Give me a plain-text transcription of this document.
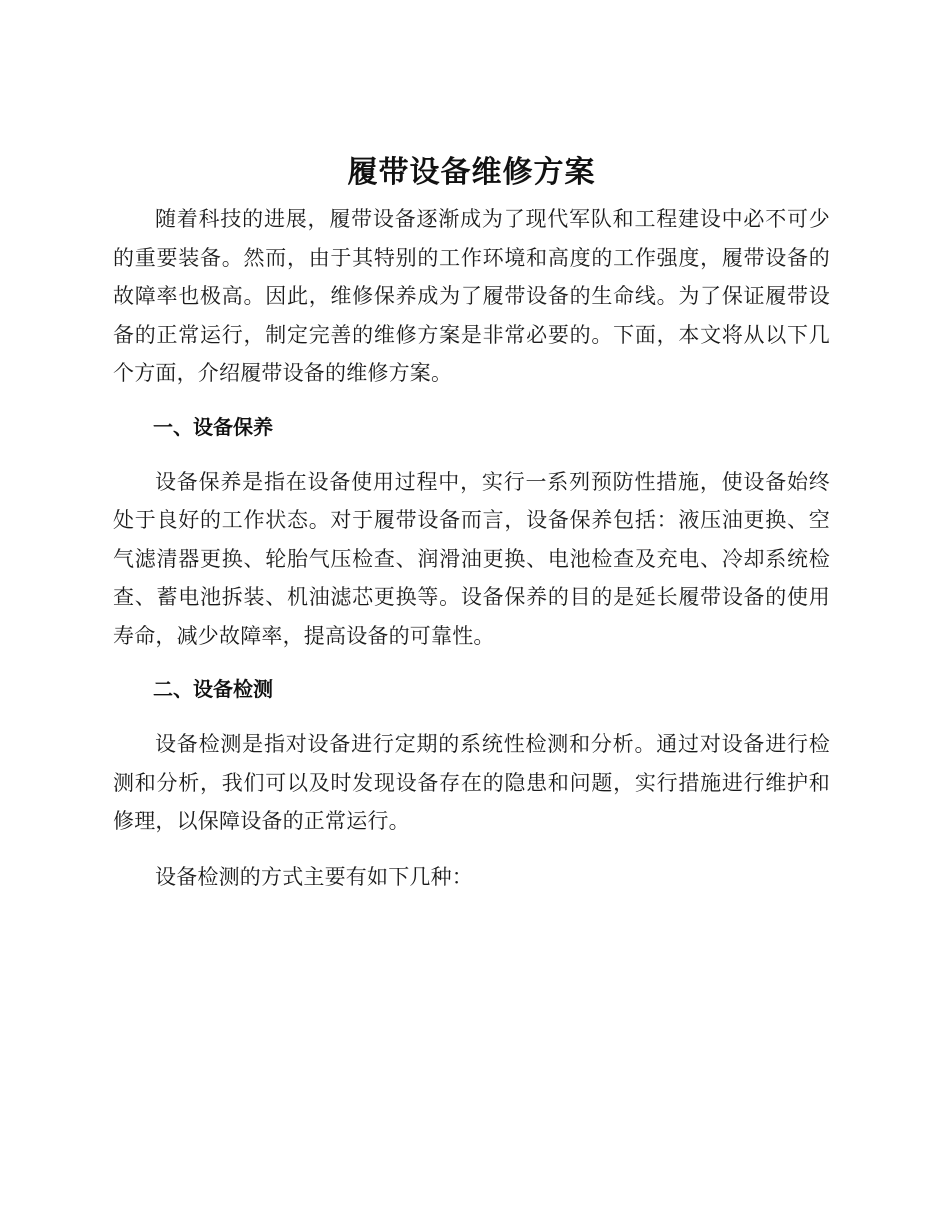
履带设备维修方案

随着科技的进展，履带设备逐渐成为了现代军队和工程建设中必不可少的重要装备。然而，由于其特别的工作环境和高度的工作强度，履带设备的故障率也极高。因此，维修保养成为了履带设备的生命线。为了保证履带设备的正常运行，制定完善的维修方案是非常必要的。下面，本文将从以下几个方面，介绍履带设备的维修方案。

一、设备保养

设备保养是指在设备使用过程中，实行一系列预防性措施，使设备始终处于良好的工作状态。对于履带设备而言，设备保养包括：液压油更换、空气滤清器更换、轮胎气压检查、润滑油更换、电池检查及充电、冷却系统检查、蓄电池拆装、机油滤芯更换等。设备保养的目的是延长履带设备的使用寿命，减少故障率，提高设备的可靠性。

二、设备检测

设备检测是指对设备进行定期的系统性检测和分析。通过对设备进行检测和分析，我们可以及时发现设备存在的隐患和问题，实行措施进行维护和修理，以保障设备的正常运行。

设备检测的方式主要有如下几种：
